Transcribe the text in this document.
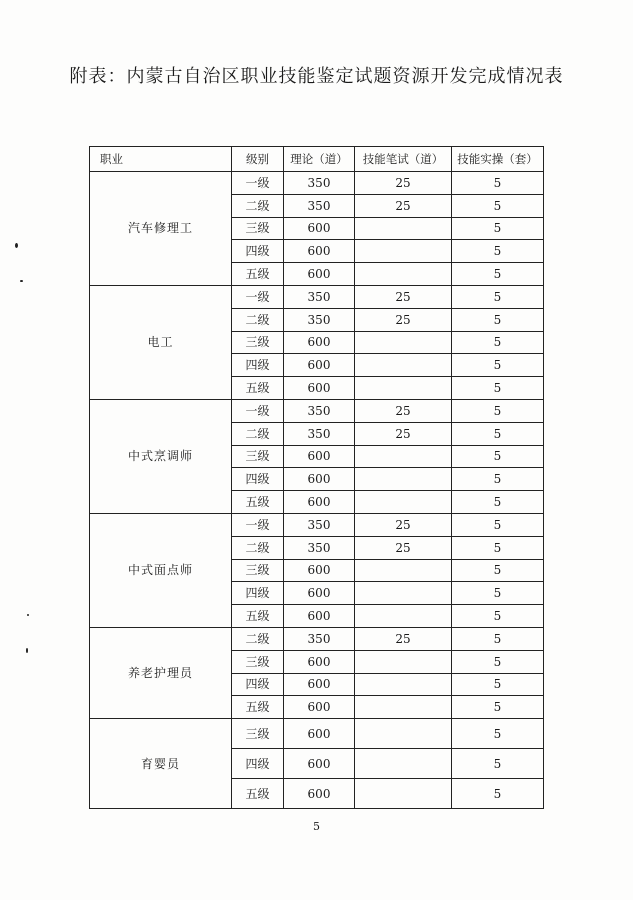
附表：内蒙古自治区职业技能鉴定试题资源开发完成情况表
职业	级别	理论（道）	技能笔试（道）	技能实操（套）
汽车修理工	一级	350	25	5
	二级	350	25	5
	三级	600		5
	四级	600		5
	五级	600		5
电工	一级	350	25	5
	二级	350	25	5
	三级	600		5
	四级	600		5
	五级	600		5
中式烹调师	一级	350	25	5
	二级	350	25	5
	三级	600		5
	四级	600		5
	五级	600		5
中式面点师	一级	350	25	5
	二级	350	25	5
	三级	600		5
	四级	600		5
	五级	600		5
养老护理员	二级	350	25	5
	三级	600		5
	四级	600		5
	五级	600		5
育婴员	三级	600		5
	四级	600		5
	五级	600		5
5
